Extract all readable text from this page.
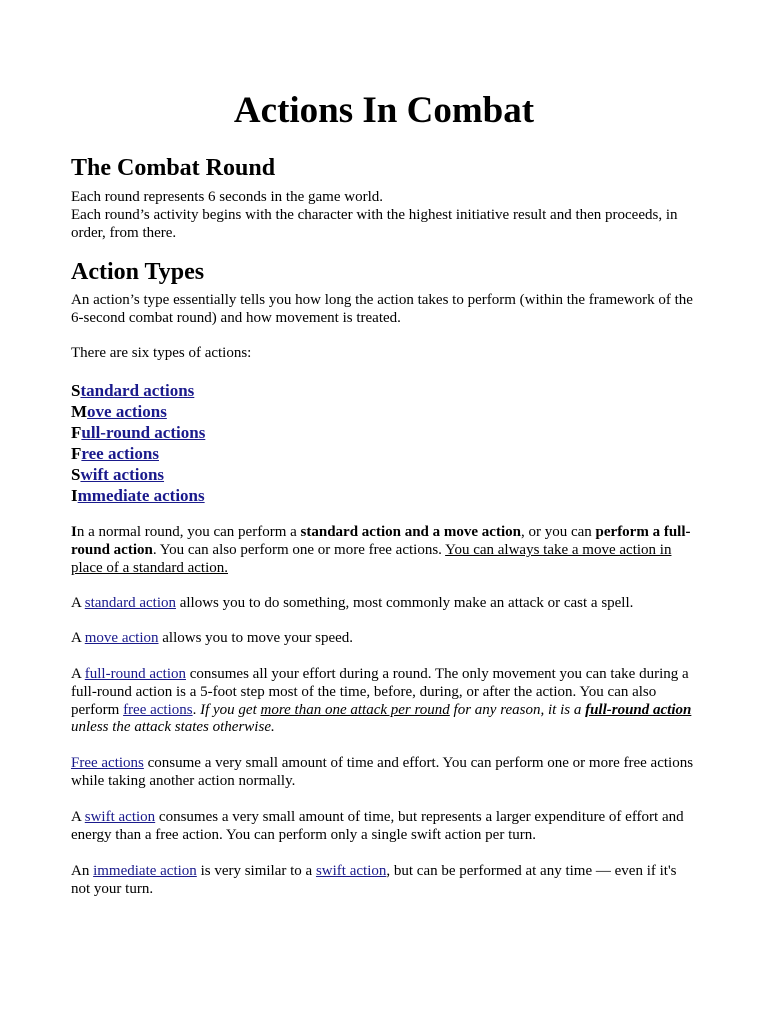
Actions In Combat
The Combat Round
Each round represents 6 seconds in the game world.
Each round’s activity begins with the character with the highest initiative result and then proceeds, in order, from there.
Action Types

An action’s type essentially tells you how long the action takes to perform (within the framework of the 6-second combat round) and how movement is treated.

There are six types of actions:

Standard actions
Move actions
Full-round actions
Free actions
Swift actions
Immediate actions

In a normal round, you can perform a standard action and a move action, or you can perform a full-round action. You can also perform one or more free actions. You can always take a move action in place of a standard action.

A standard action allows you to do something, most commonly make an attack or cast a spell.

A move action allows you to move your speed.

A full-round action consumes all your effort during a round. The only movement you can take during a full-round action is a 5-foot step most of the time, before, during, or after the action. You can also perform free actions. If you get more than one attack per round for any reason, it is a full-round action unless the attack states otherwise.

Free actions consume a very small amount of time and effort. You can perform one or more free actions while taking another action normally.

A swift action consumes a very small amount of time, but represents a larger expenditure of effort and energy than a free action. You can perform only a single swift action per turn.

An immediate action is very similar to a swift action, but can be performed at any time — even if it's not your turn.
